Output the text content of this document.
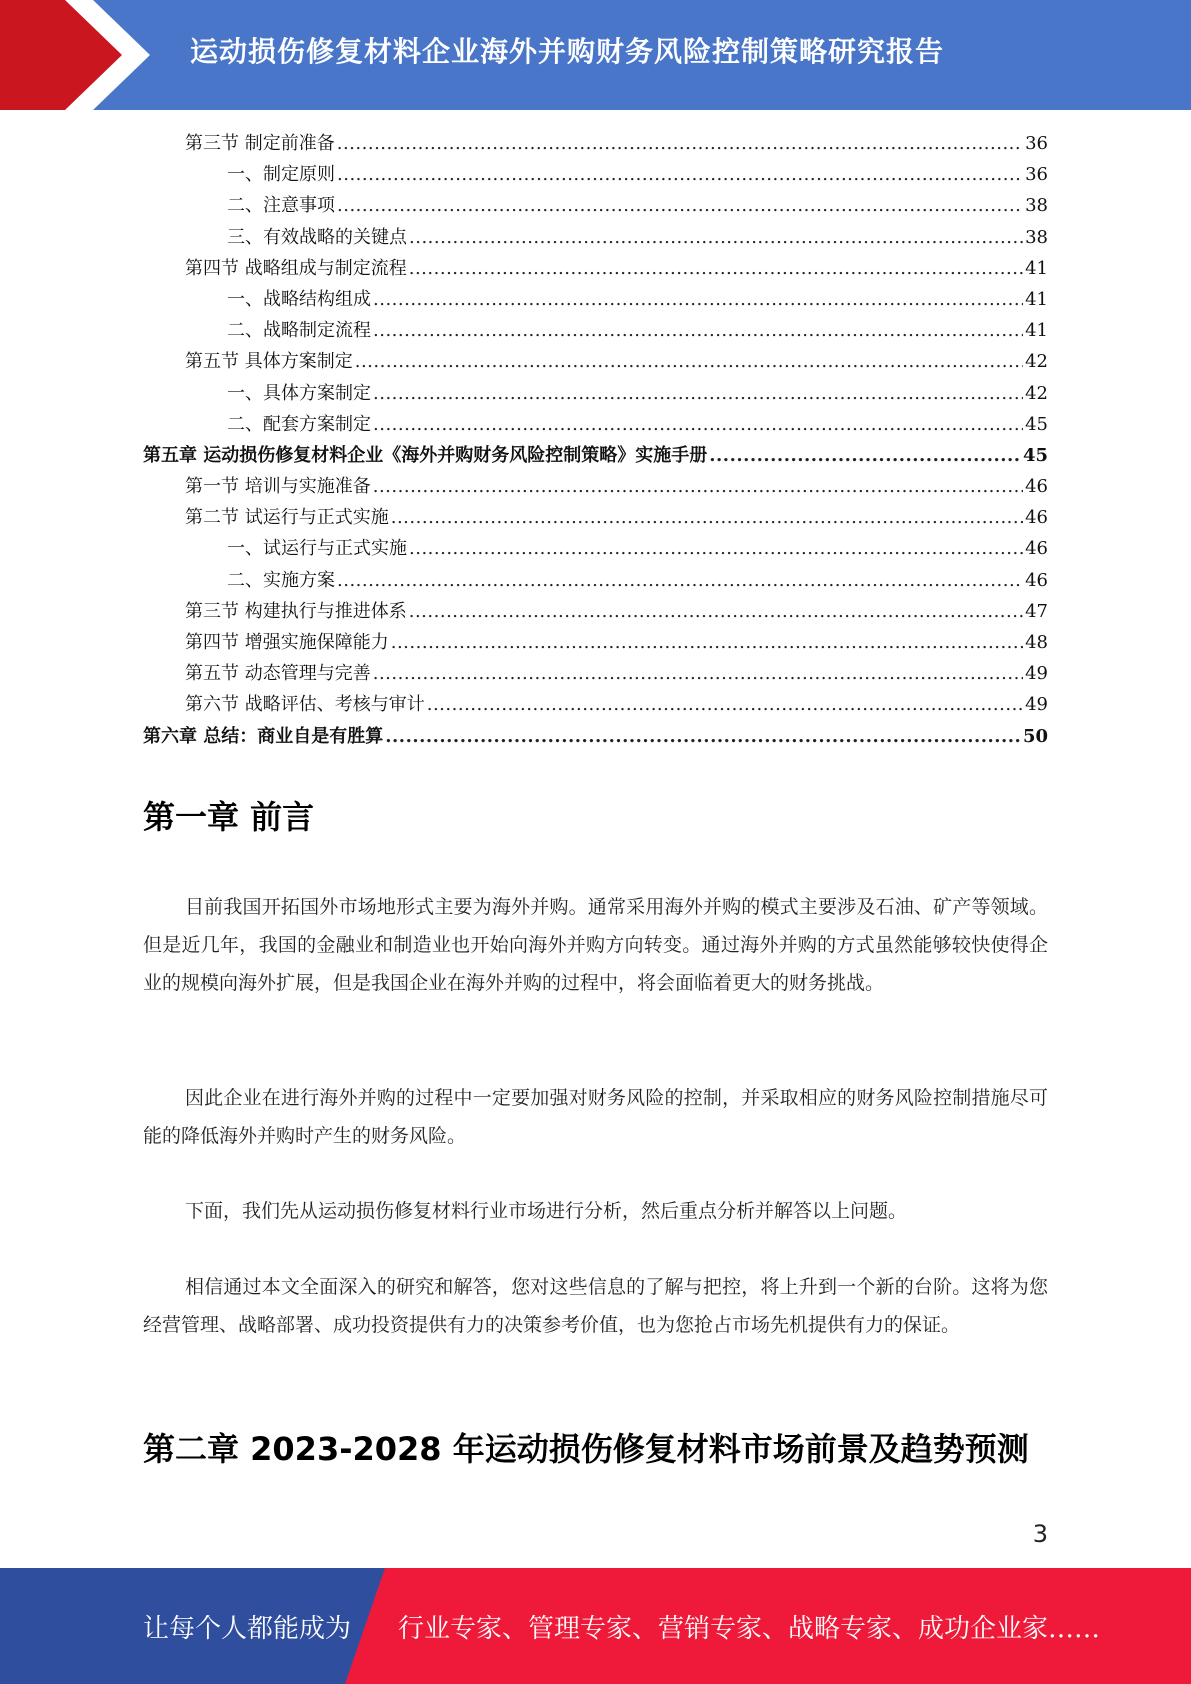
运动损伤修复材料企业海外并购财务风险控制策略研究报告
第三节 制定前准备 .....	36
一、制定原则 .....	36
二、注意事项 .....	38
三、有效战略的关键点 .....	38
第四节 战略组成与制定流程 .....	41
一、战略结构组成 .....	41
二、战略制定流程 .....	41
第五节 具体方案制定 .....	42
一、具体方案制定 .....	42
二、配套方案制定 .....	45
第五章 运动损伤修复材料企业《海外并购财务风险控制策略》实施手册 .....	45
第一节 培训与实施准备 .....	46
第二节 试运行与正式实施 .....	46
一、试运行与正式实施 .....	46
二、实施方案 .....	46
第三节 构建执行与推进体系 .....	47
第四节 增强实施保障能力 .....	48
第五节 动态管理与完善 .....	49
第六节 战略评估、考核与审计 .....	49
第六章 总结：商业自是有胜算 .....	50
第一章 前言
目前我国开拓国外市场地形式主要为海外并购。通常采用海外并购的模式主要涉及石油、矿产等领域。但是近几年，我国的金融业和制造业也开始向海外并购方向转变。通过海外并购的方式虽然能够较快使得企业的规模向海外扩展，但是我国企业在海外并购的过程中，将会面临着更大的财务挑战。
因此企业在进行海外并购的过程中一定要加强对财务风险的控制，并采取相应的财务风险控制措施尽可能的降低海外并购时产生的财务风险。
下面，我们先从运动损伤修复材料行业市场进行分析，然后重点分析并解答以上问题。
相信通过本文全面深入的研究和解答，您对这些信息的了解与把控，将上升到一个新的台阶。这将为您经营管理、战略部署、成功投资提供有力的决策参考价值，也为您抢占市场先机提供有力的保证。
第二章 2023-2028 年运动损伤修复材料市场前景及趋势预测
3
让每个人都能成为 行业专家、管理专家、营销专家、战略专家、成功企业家……
